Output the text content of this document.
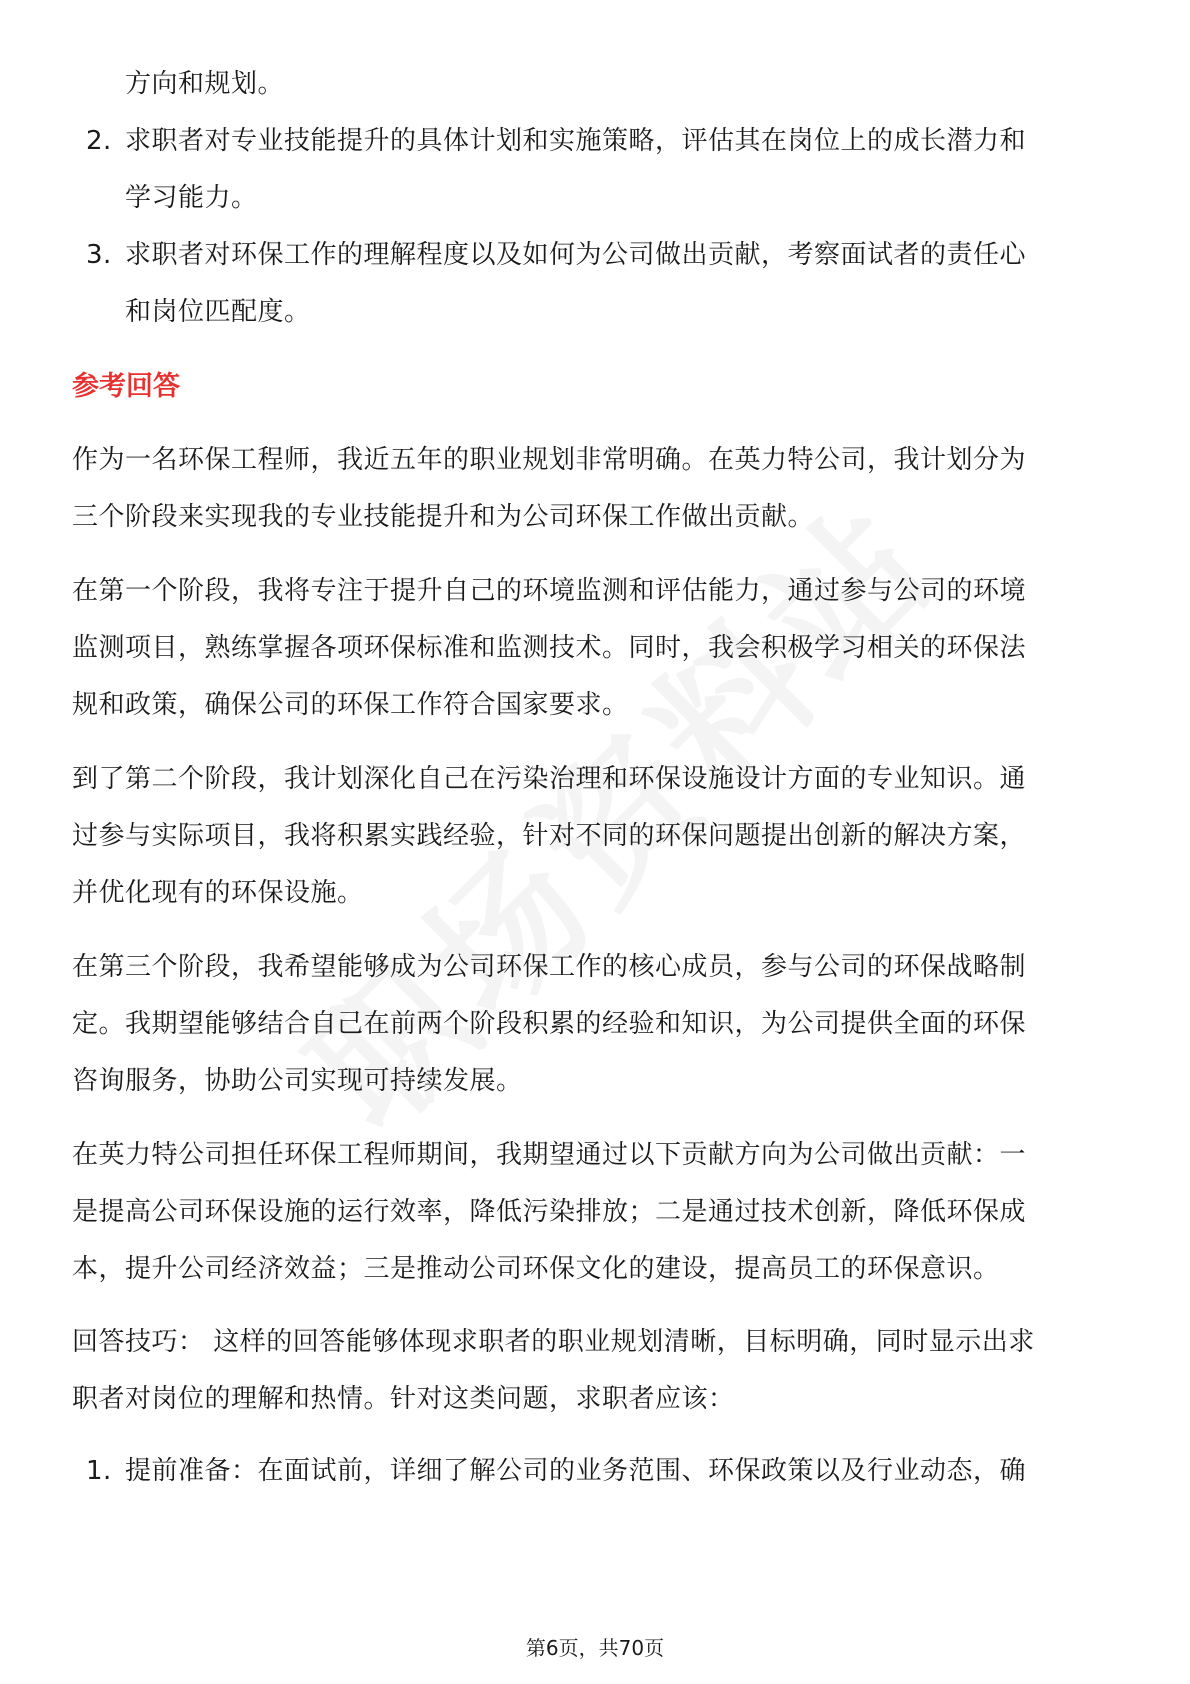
方向和规划。
2. 求职者对专业技能提升的具体计划和实施策略，评估其在岗位上的成长潜力和
学习能力。
3. 求职者对环保工作的理解程度以及如何为公司做出贡献，考察面试者的责任心
和岗位匹配度。
参考回答
作为一名环保工程师，我近五年的职业规划非常明确。在英力特公司，我计划分为
三个阶段来实现我的专业技能提升和为公司环保工作做出贡献。
在第一个阶段，我将专注于提升自己的环境监测和评估能力，通过参与公司的环境
监测项目，熟练掌握各项环保标准和监测技术。同时，我会积极学习相关的环保法
规和政策，确保公司的环保工作符合国家要求。
到了第二个阶段，我计划深化自己在污染治理和环保设施设计方面的专业知识。通
过参与实际项目，我将积累实践经验，针对不同的环保问题提出创新的解决方案，
并优化现有的环保设施。
在第三个阶段，我希望能够成为公司环保工作的核心成员，参与公司的环保战略制
定。我期望能够结合自己在前两个阶段积累的经验和知识，为公司提供全面的环保
咨询服务，协助公司实现可持续发展。
在英力特公司担任环保工程师期间，我期望通过以下贡献方向为公司做出贡献：一
是提高公司环保设施的运行效率，降低污染排放；二是通过技术创新，降低环保成
本，提升公司经济效益；三是推动公司环保文化的建设，提高员工的环保意识。
回答技巧： 这样的回答能够体现求职者的职业规划清晰，目标明确，同时显示出求
职者对岗位的理解和热情。针对这类问题，求职者应该：
1. 提前准备：在面试前，详细了解公司的业务范围、环保政策以及行业动态，确
第6页，共70页
